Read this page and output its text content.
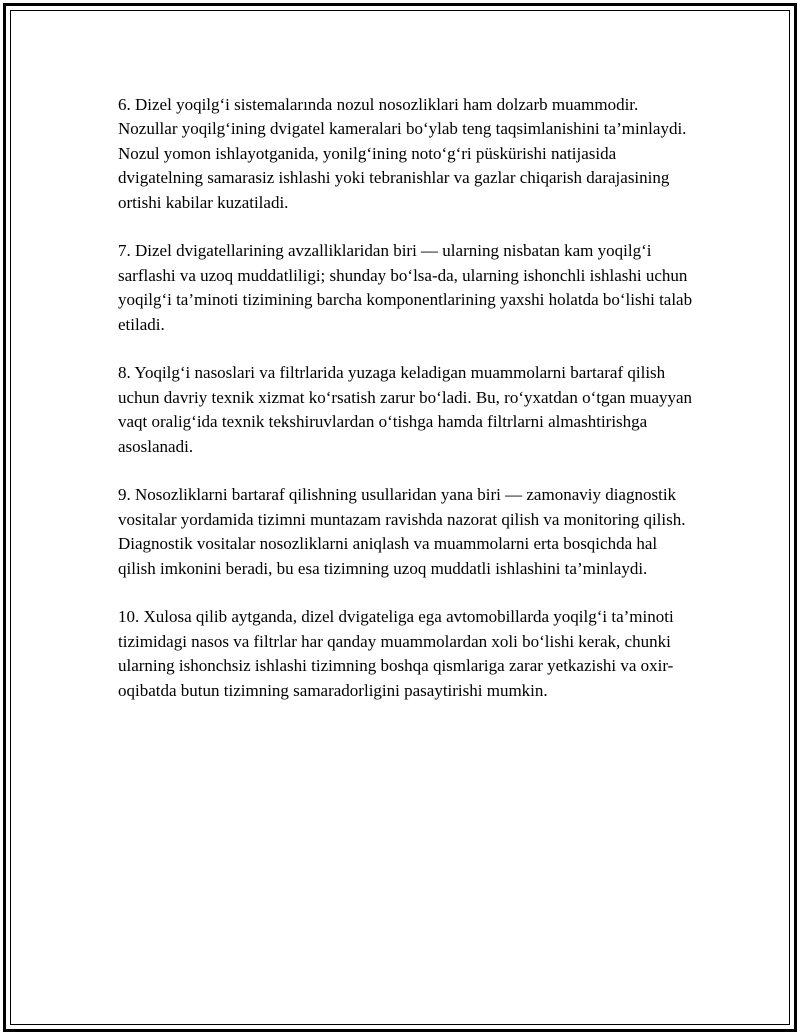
6. Dizel yoqilg‘i sistemalarında nozul nosozliklari ham dolzarb muammodir. Nozullar yoqilg‘ining dvigatel kameralari bo‘ylab teng taqsimlanishini ta’minlaydi. Nozul yomon ishlayotganida, yonilg‘ining noto‘g‘ri püskürishi natijasida dvigatelning samarasiz ishlashi yoki tebranishlar va gazlar chiqarish darajasining ortishi kabilar kuzatiladi.

7. Dizel dvigatellarining avzalliklaridan biri — ularning nisbatan kam yoqilg‘i sarflashi va uzoq muddatliligi; shunday bo‘lsa-da, ularning ishonchli ishlashi uchun yoqilg‘i ta’minoti tizimining barcha komponentlarining yaxshi holatda bo‘lishi talab etiladi.

8. Yoqilg‘i nasoslari va filtrlarida yuzaga keladigan muammolarni bartaraf qilish uchun davriy texnik xizmat ko‘rsatish zarur bo‘ladi. Bu, ro‘yxatdan o‘tgan muayyan vaqt oralig‘ida texnik tekshiruvlardan o‘tishga hamda filtrlarni almashtirishga asoslanadi.

9. Nosozliklarni bartaraf qilishning usullaridan yana biri — zamonaviy diagnostik vositalar yordamida tizimni muntazam ravishda nazorat qilish va monitoring qilish. Diagnostik vositalar nosozliklarni aniqlash va muammolarni erta bosqichda hal qilish imkonini beradi, bu esa tizimning uzoq muddatli ishlashini ta’minlaydi.

10. Xulosa qilib aytganda, dizel dvigateliga ega avtomobillarda yoqilg‘i ta’minoti tizimidagi nasos va filtrlar har qanday muammolardan xoli bo‘lishi kerak, chunki ularning ishonchsiz ishlashi tizimning boshqa qismlariga zarar yetkazishi va oxir-oqibatda butun tizimning samaradorligini pasaytirishi mumkin.
